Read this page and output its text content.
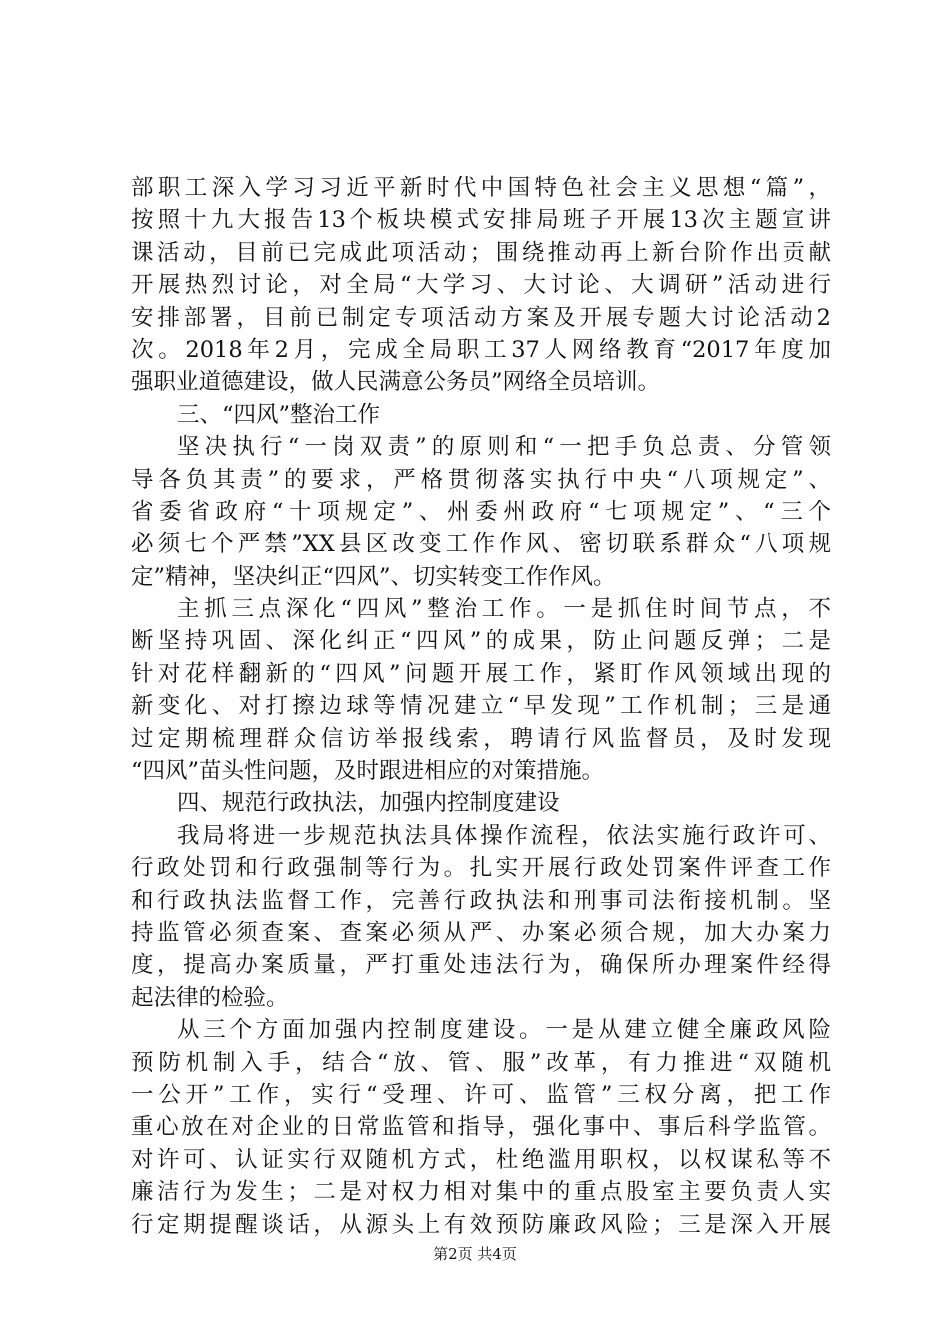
部职工深入学习习近平新时代中国特色社会主义思想“篇”，
按照十九大报告13个板块模式安排局班子开展13次主题宣讲
课活动，目前已完成此项活动；围绕推动再上新台阶作出贡献
开展热烈讨论，对全局“大学习、大讨论、大调研”活动进行
安排部署，目前已制定专项活动方案及开展专题大讨论活动2
次。2018年2月，完成全局职工37人网络教育“2017年度加
强职业道德建设，做人民满意公务员”网络全员培训。
三、“四风”整治工作
坚决执行“一岗双责”的原则和“一把手负总责、分管领
导各负其责”的要求，严格贯彻落实执行中央“八项规定”、
省委省政府“十项规定”、州委州政府“七项规定”、“三个
必须七个严禁”XX县区改变工作作风、密切联系群众“八项规
定”精神，坚决纠正“四风”、切实转变工作作风。
主抓三点深化“四风”整治工作。一是抓住时间节点，不
断坚持巩固、深化纠正“四风”的成果，防止问题反弹；二是
针对花样翻新的“四风”问题开展工作，紧盯作风领域出现的
新变化、对打擦边球等情况建立“早发现”工作机制；三是通
过定期梳理群众信访举报线索，聘请行风监督员，及时发现
“四风”苗头性问题，及时跟进相应的对策措施。
四、规范行政执法，加强内控制度建设
我局将进一步规范执法具体操作流程，依法实施行政许可、
行政处罚和行政强制等行为。扎实开展行政处罚案件评查工作
和行政执法监督工作，完善行政执法和刑事司法衔接机制。坚
持监管必须查案、查案必须从严、办案必须合规，加大办案力
度，提高办案质量，严打重处违法行为，确保所办理案件经得
起法律的检验。
从三个方面加强内控制度建设。一是从建立健全廉政风险
预防机制入手，结合“放、管、服”改革，有力推进“双随机
一公开”工作，实行“受理、许可、监管”三权分离，把工作
重心放在对企业的日常监管和指导，强化事中、事后科学监管。
对许可、认证实行双随机方式，杜绝滥用职权，以权谋私等不
廉洁行为发生；二是对权力相对集中的重点股室主要负责人实
行定期提醒谈话，从源头上有效预防廉政风险；三是深入开展
第2页 共4页
